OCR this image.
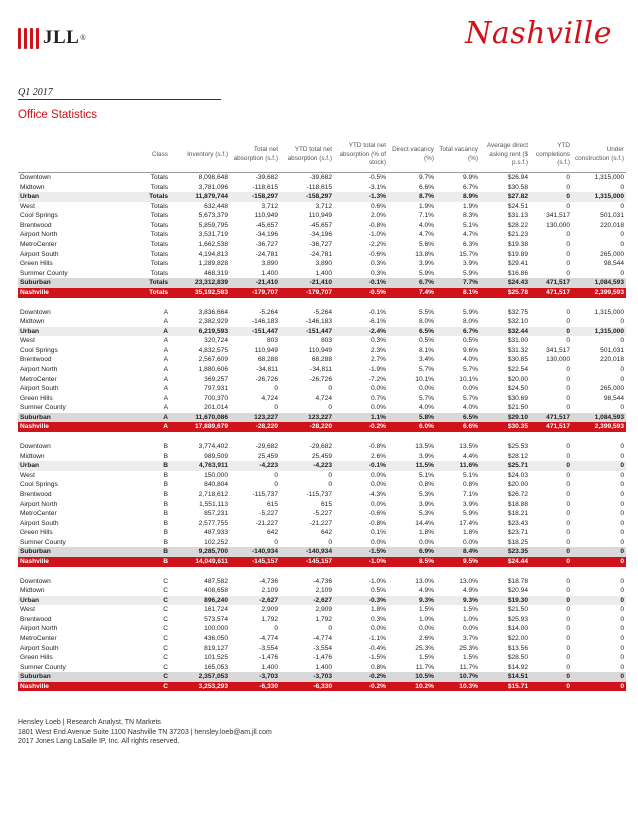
JLL ®	Nashville
Q1 2017
Office Statistics
	Class	Inventory (s.f.)	Total net absorption (s.f.)	YTD total net absorption (s.f.)	YTD total net absorption (% of stock)	Direct vacancy (%)	Total vacancy (%)	Average direct asking rent ($ p.s.f.)	YTD completions (s.f.)	Under construction (s.f.)
Downtown	Totals	8,098,648	-39,682	-39,682	-0.5%	9.7%	9.9%	$26.94	0	1,315,000
Midtown	Totals	3,781,096	-118,615	-118,615	-3.1%	6.6%	6.7%	$30.58	0	0
Urban	Totals	11,879,744	-158,297	-158,297	-1.3%	8.7%	8.9%	$27.82	0	1,315,000
West	Totals	632,448	3,712	3,712	0.6%	1.9%	1.9%	$24.51	0	0
Cool Springs	Totals	5,673,379	110,949	110,949	2.0%	7.1%	8.3%	$31.13	341,517	501,031
Brentwood	Totals	5,859,795	-45,657	-45,657	-0.8%	4.0%	5.1%	$28.22	130,000	220,018
Airport North	Totals	3,531,719	-34,196	-34,196	-1.0%	4.7%	4.7%	$21.23	0	0
MetroCenter	Totals	1,662,538	-36,727	-36,727	-2.2%	5.6%	6.3%	$19.38	0	0
Airport South	Totals	4,194,813	-24,781	-24,781	-0.6%	13.8%	15.7%	$19.89	0	265,000
Green Hills	Totals	1,289,828	3,890	3,890	0.3%	3.9%	3.9%	$29.41	0	98,544
Summer County	Totals	468,319	1,400	1,400	0.3%	5.9%	5.9%	$16.86	0	0
Suburban	Totals	23,312,839	-21,410	-21,410	-0.1%	6.7%	7.7%	$24.43	471,517	1,084,593
Nashville	Totals	35,192,583	-179,707	-179,707	-0.5%	7.4%	8.1%	$25.78	471,517	2,399,593

Downtown	A	3,836,664	-5,264	-5,264	-0.1%	5.5%	5.9%	$32.75	0	1,315,000
Midtown	A	2,382,929	-146,183	-146,183	-6.1%	8.0%	8.0%	$32.10	0	0
Urban	A	6,219,593	-151,447	-151,447	-2.4%	6.5%	6.7%	$32.44	0	1,315,000
West	A	320,724	803	803	0.3%	0.5%	0.5%	$31.00	0	0
Cool Springs	A	4,832,575	110,949	110,949	2.3%	8.1%	9.6%	$31.32	341,517	501,031
Brentwood	A	2,567,609	68,288	68,288	2.7%	3.4%	4.0%	$30.85	130,000	220,018
Airport North	A	1,880,606	-34,811	-34,811	-1.9%	5.7%	5.7%	$22.54	0	0
MetroCenter	A	369,257	-26,726	-26,726	-7.2%	10.1%	10.1%	$20.00	0	0
Airport South	A	797,931	0	0	0.0%	0.0%	0.0%	$24.50	0	265,000
Green Hills	A	700,370	4,724	4,724	0.7%	5.7%	5.7%	$30.69	0	98,544
Sumner County	A	201,014	0	0	0.0%	4.0%	4.0%	$21.50	0	0
Suburban	A	11,670,086	123,227	123,227	1.1%	5.8%	6.5%	$29.10	471,517	1,084,593
Nashville	A	17,889,679	-28,220	-28,220	-0.2%	6.0%	6.6%	$30.35	471,517	2,399,593

Downtown	B	3,774,402	-29,682	-29,682	-0.8%	13.5%	13.5%	$25.53	0	0
Midtown	B	989,509	25,459	25,459	2.6%	3.9%	4.4%	$28.12	0	0
Urban	B	4,763,911	-4,223	-4,223	-0.1%	11.5%	11.6%	$25.71	0	0
West	B	150,000	0	0	0.0%	5.1%	5.1%	$24.03	0	0
Cool Springs	B	840,804	0	0	0.0%	0.8%	0.8%	$20.00	0	0
Brentwood	B	2,718,612	-115,737	-115,737	-4.3%	5.3%	7.1%	$26.72	0	0
Airport North	B	1,551,113	615	615	0.0%	3.9%	3.9%	$18.88	0	0
MetroCenter	B	857,231	-5,227	-5,227	-0.6%	5.3%	5.9%	$18.21	0	0
Airport South	B	2,577,755	-21,227	-21,227	-0.8%	14.4%	17.4%	$23.43	0	0
Green Hills	B	487,933	642	642	0.1%	1.8%	1.8%	$23.71	0	0
Sumner County	B	102,252	0	0	0.0%	0.0%	0.0%	$18.25	0	0
Suburban	B	9,285,700	-140,934	-140,934	-1.5%	6.9%	8.4%	$23.35	0	0
Nashville	B	14,049,611	-145,157	-145,157	-1.0%	8.5%	9.5%	$24.44	0	0

Downtown	C	487,582	-4,736	-4,736	-1.0%	13.0%	13.0%	$18.78	0	0
Midtown	C	408,658	2,109	2,109	0.5%	4.9%	4.9%	$20.94	0	0
Urban	C	896,240	-2,627	-2,627	-0.3%	9.3%	9.3%	$19.30	0	0
West	C	161,724	2,909	2,909	1.8%	1.5%	1.5%	$21.50	0	0
Brentwood	C	573,574	1,792	1,792	0.3%	1.0%	1.0%	$25.93	0	0
Airport North	C	100,000	0	0	0.0%	0.0%	0.0%	$14.00	0	0
MetroCenter	C	436,050	-4,774	-4,774	-1.1%	2.6%	3.7%	$22.00	0	0
Airport South	C	819,127	-3,554	-3,554	-0.4%	25.3%	25.3%	$13.56	0	0
Green Hills	C	101,525	-1,476	-1,476	-1.5%	1.5%	1.5%	$28.50	0	0
Sumner County	C	165,053	1,400	1,400	0.8%	11.7%	11.7%	$14.92	0	0
Suburban	C	2,357,053	-3,703	-3,703	-0.2%	10.5%	10.7%	$14.51	0	0
Nashville	C	3,253,293	-6,330	-6,330	-0.2%	10.2%	10.3%	$15.71	0	0
Hensley Loeb | Research Analyst, TN Markets
1801 West End Avenue Suite 1100 Nashville TN 37203 | hensley.loeb@am.jll.com
2017 Jones Lang LaSalle IP, Inc. All rights reserved.
